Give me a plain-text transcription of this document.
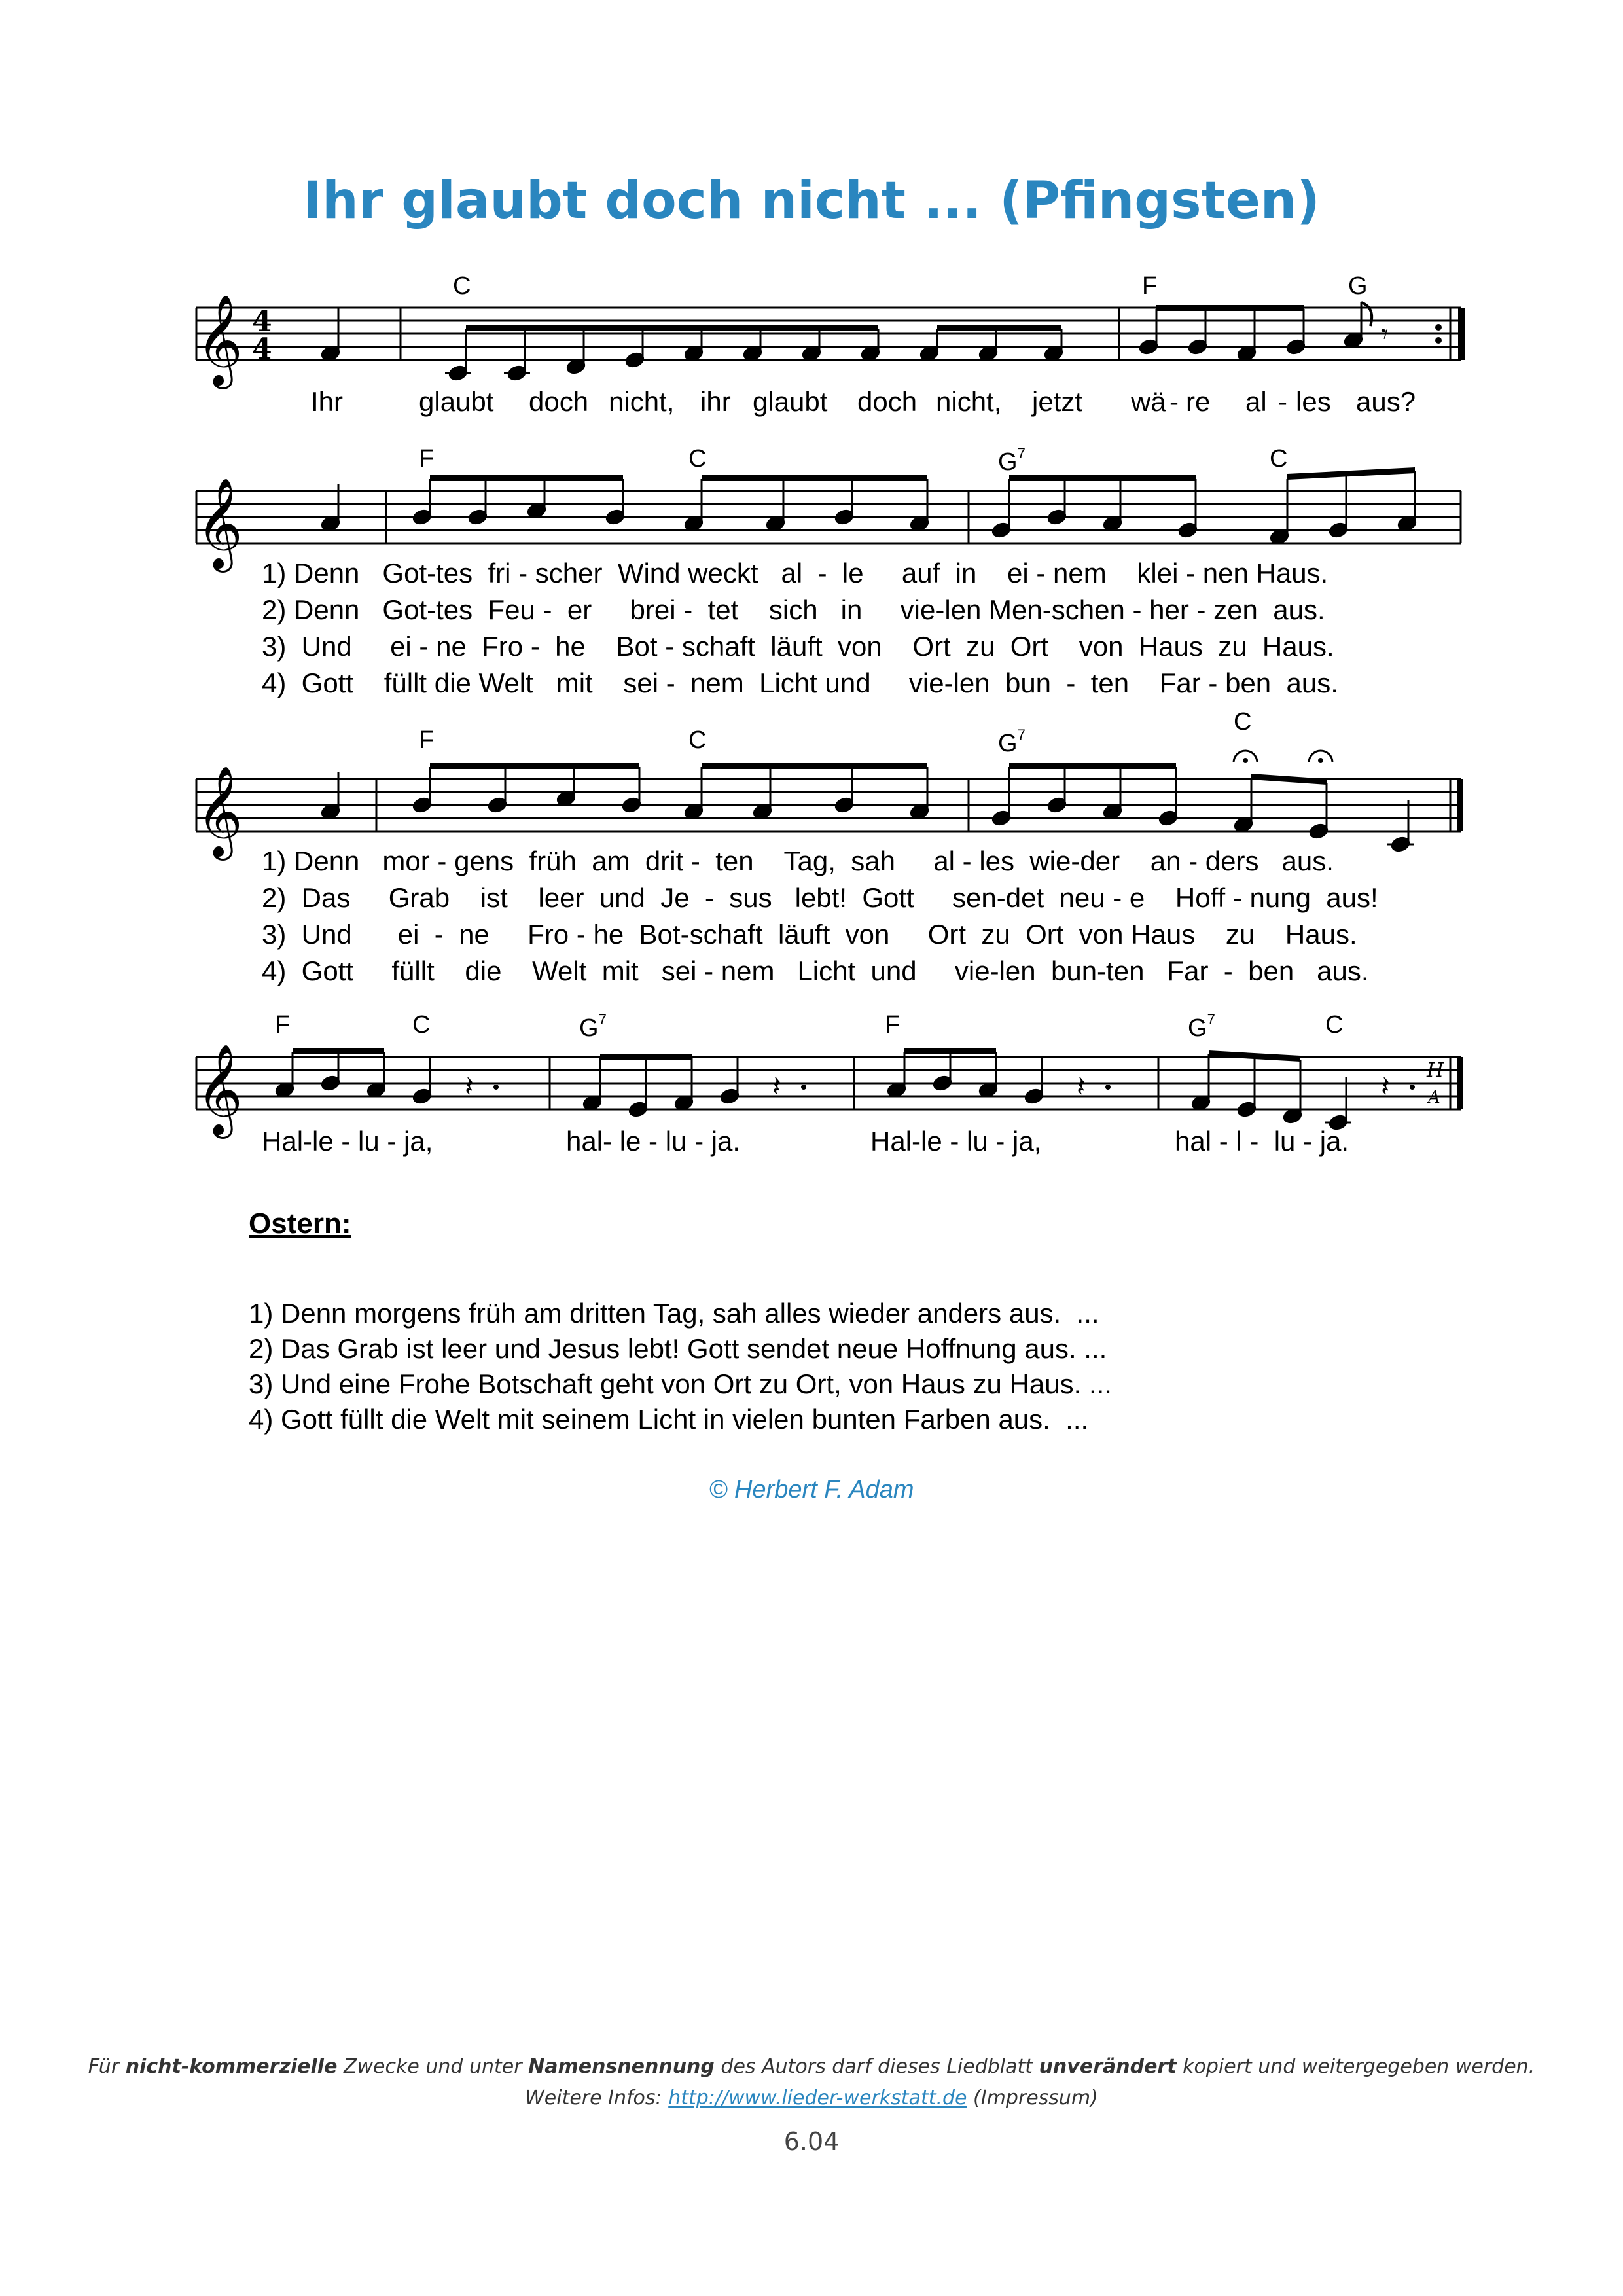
Ihr glaubt doch nicht ... (Pfingsten)
𝄞 4
4	𝄾
C	F	G
Ihr	glaubt doch nicht, ihr glaubt doch nicht, jetzt wä - re al - les aus?
𝄞
F	C	$G^7$	C
1) Denn   Got-tes  fri - scher  Wind weckt   al  -  le     auf  in    ei - nem    klei - nen Haus.
2) Denn   Got-tes  Feu -  er     brei -  tet    sich   in     vie-len Men-schen - her - zen  aus.
3)  Und     ei - ne  Fro -  he    Bot - schaft  läuft  von    Ort  zu  Ort    von  Haus  zu  Haus.
4)  Gott    füllt die Welt   mit    sei -  nem  Licht und     vie-len  bun  -  ten    Far - ben  aus.
𝄞
F	C	$G^7$	C
1) Denn   mor - gens  früh  am  drit -  ten    Tag,  sah     al - les  wie-der    an - ders   aus.
2)  Das     Grab    ist    leer  und  Je  -  sus   lebt!  Gott     sen-det  neu - e    Hoff - nung  aus!
3)  Und      ei  -  ne     Fro - he  Bot-schaft  läuft  von     Ort  zu  Ort  von Haus    zu    Haus.
4)  Gott     füllt    die    Welt  mit   sei - nem   Licht  und     vie-len  bun-ten   Far  -  ben   aus.
𝄞	𝄽	𝄽	𝄽	𝄽 H
A
F	C	$G^7$	F	$G^7$	C
Hal-le - lu - ja,	hal- le - lu - ja.	Hal-le - lu - ja,	hal - l -  lu - ja.
Ostern:
1) Denn morgens früh am dritten Tag, sah alles wieder anders aus.  ...
2) Das Grab ist leer und Jesus lebt! Gott sendet neue Hoffnung aus. ...
3) Und eine Frohe Botschaft geht von Ort zu Ort, von Haus zu Haus. ...
4) Gott füllt die Welt mit seinem Licht in vielen bunten Farben aus.  ...
© Herbert F. Adam
Für nicht-kommerzielle Zwecke und unter Namensnennung des Autors darf dieses Liedblatt unverändert kopiert und weitergegeben werden.
Weitere Infos: http://www.lieder-werkstatt.de (Impressum)
6.04
